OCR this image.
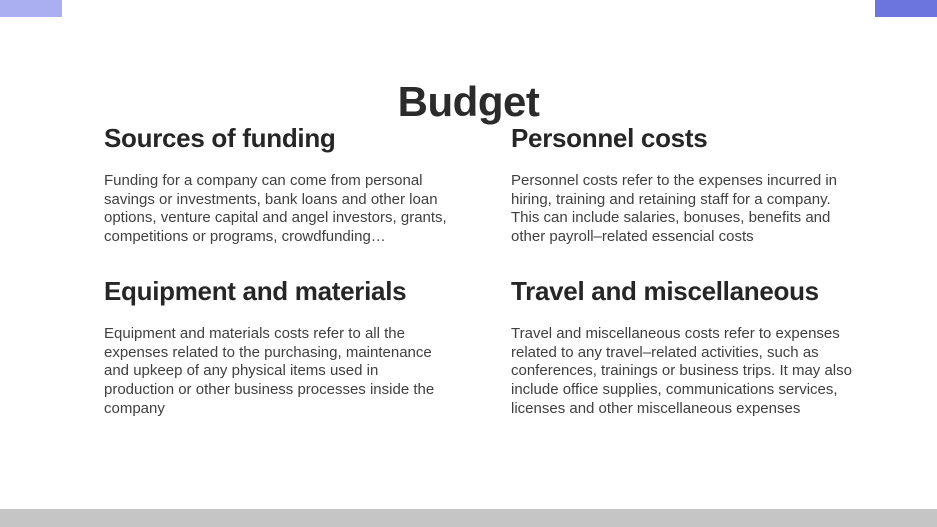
Budget
Sources of funding

Funding for a company can come from personal savings or investments, bank loans and other loan options, venture capital and angel investors, grants, competitions or programs, crowdfunding…

Personnel costs

Personnel costs refer to the expenses incurred in hiring, training and retaining staff for a company. This can include salaries, bonuses, benefits and other payroll–related essencial costs

Equipment and materials

Equipment and materials costs refer to all the expenses related to the purchasing, maintenance and upkeep of any physical items used in production or other business processes inside the company

Travel and miscellaneous

Travel and miscellaneous costs refer to expenses related to any travel–related activities, such as conferences, trainings or business trips. It may also include office supplies, communications services, licenses and other miscellaneous expenses
